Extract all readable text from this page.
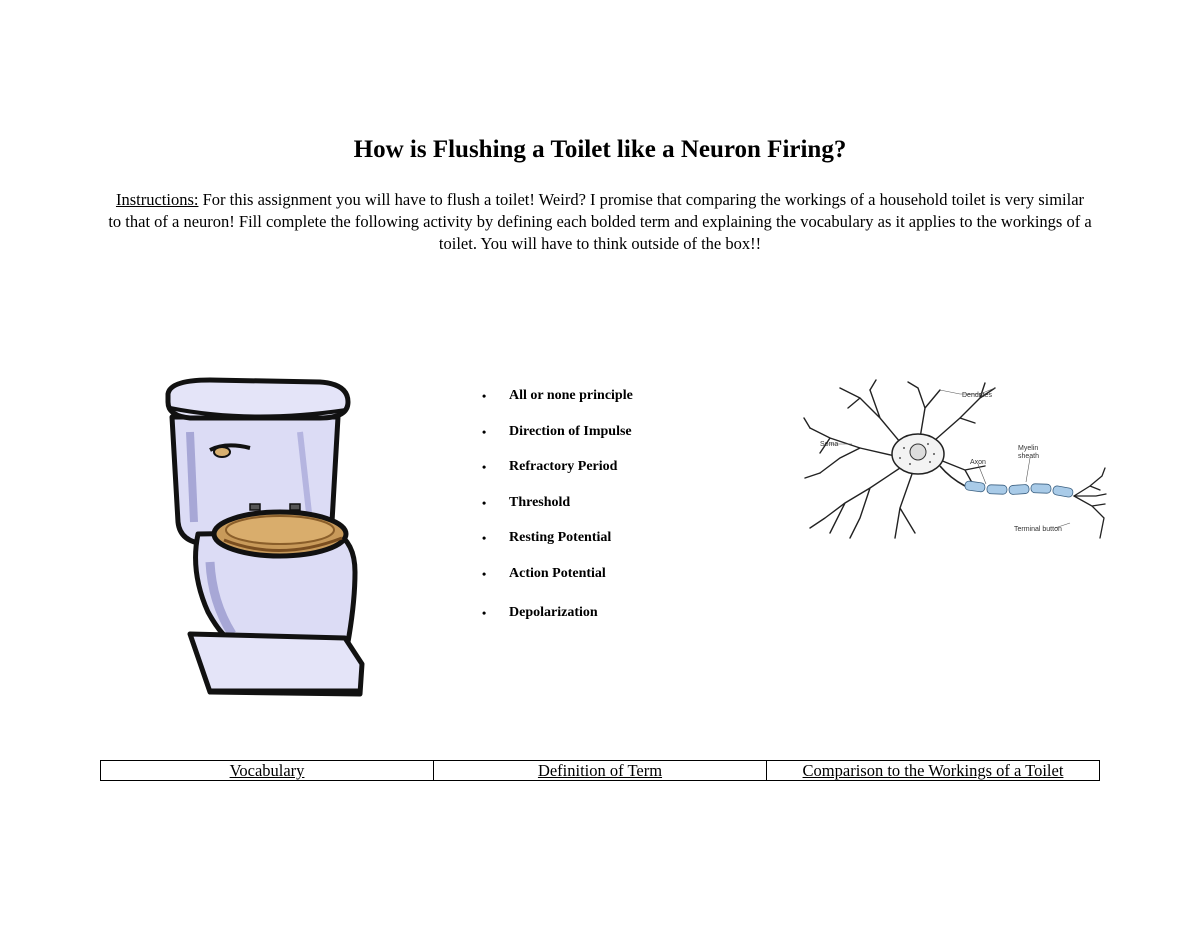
How is Flushing a Toilet like a Neuron Firing?

Instructions: For this assignment you will have to flush a toilet! Weird? I promise that comparing the workings of a household toilet is very similar to that of a neuron! Fill complete the following activity by defining each bolded term and explaining the vocabulary as it applies to the workings of a toilet. You will have to think outside of the box!!

• All or none principle
• Direction of Impulse
• Refractory Period
• Threshold
• Resting Potential
• Action Potential
• Depolarization
Dendrites
Soma
Axon
Myelin
sheath
Terminal button
Vocabulary	Definition of Term	Comparison to the Workings of a Toilet
